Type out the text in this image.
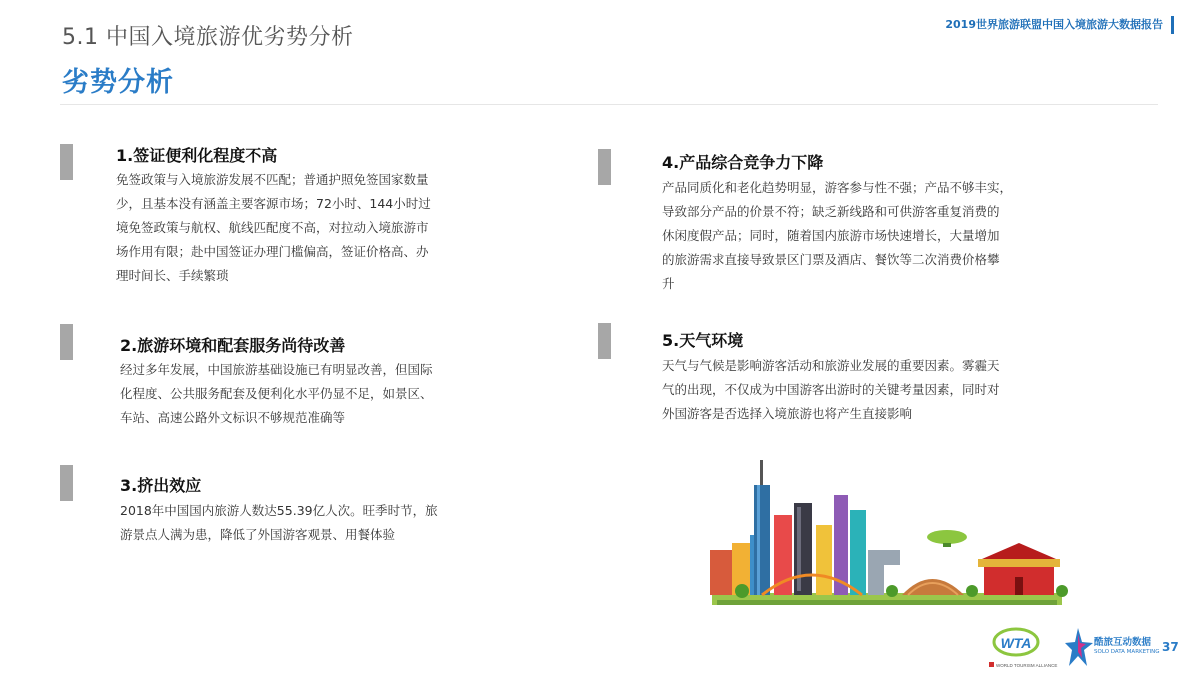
5.1 中国入境旅游优劣势分析
2019世界旅游联盟中国入境旅游大数据报告
劣势分析
1.签证便利化程度不高
免签政策与入境旅游发展不匹配；普通护照免签国家数量
少，且基本没有涵盖主要客源市场；72小时、144小时过
境免签政策与航权、航线匹配度不高，对拉动入境旅游市
场作用有限；赴中国签证办理门槛偏高，签证价格高、办
理时间长、手续繁琐
2.旅游环境和配套服务尚待改善
经过多年发展，中国旅游基础设施已有明显改善，但国际
化程度、公共服务配套及便利化水平仍显不足，如景区、
车站、高速公路外文标识不够规范准确等
3.挤出效应
2018年中国国内旅游人数达55.39亿人次。旺季时节，旅
游景点人满为患，降低了外国游客观景、用餐体验
4.产品综合竞争力下降
产品同质化和老化趋势明显，游客参与性不强；产品不够丰实，
导致部分产品的价景不符；缺乏新线路和可供游客重复消费的
休闲度假产品；同时，随着国内旅游市场快速增长，大量增加
的旅游需求直接导致景区门票及酒店、餐饮等二次消费价格攀
升
5.天气环境
天气与气候是影响游客活动和旅游业发展的重要因素。雾霾天
气的出现，不仅成为中国游客出游时的关键考量因素，同时对
外国游客是否选择入境旅游也将产生直接影响
WTA
WORLD TOURISM ALLIANCE
酷旅互动数据
SOLO DATA MARKETING 37
